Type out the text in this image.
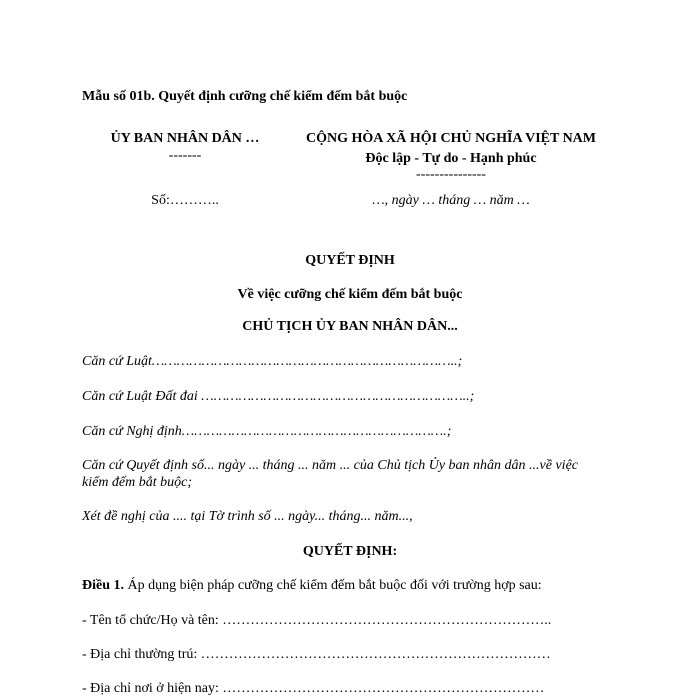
Mẫu số 01b. Quyết định cưỡng chế kiểm đếm bắt buộc
ỦY BAN NHÂN DÂN …
-------
CỘNG HÒA XÃ HỘI CHỦ NGHĨA VIỆT NAM
Độc lập - Tự do - Hạnh phúc
---------------
Số:………..	…, ngày … tháng … năm …
QUYẾT ĐỊNH
Về việc cưỡng chế kiểm đếm bắt buộc
CHỦ TỊCH ỦY BAN NHÂN DÂN...
Căn cứ Luật………………………………………………………………..;
Căn cứ Luật Đất đai ………………………………………………………..;
Căn cứ Nghị định……………………………………………………….;
Căn cứ Quyết định số... ngày ... tháng ... năm ... của Chủ tịch Ủy ban nhân dân ...về việc
kiểm đếm bắt buộc;
Xét đề nghị của .... tại Tờ trình số ... ngày... tháng... năm...,
QUYẾT ĐỊNH:
Điều 1. Áp dụng biện pháp cưỡng chế kiểm đếm bắt buộc đối với trường hợp sau:
- Tên tổ chức/Họ và tên: ……………………………………………………………..
- Địa chỉ thường trú: …………………………………………………………………
- Địa chỉ nơi ở hiện nay: ……………………………………………………………
